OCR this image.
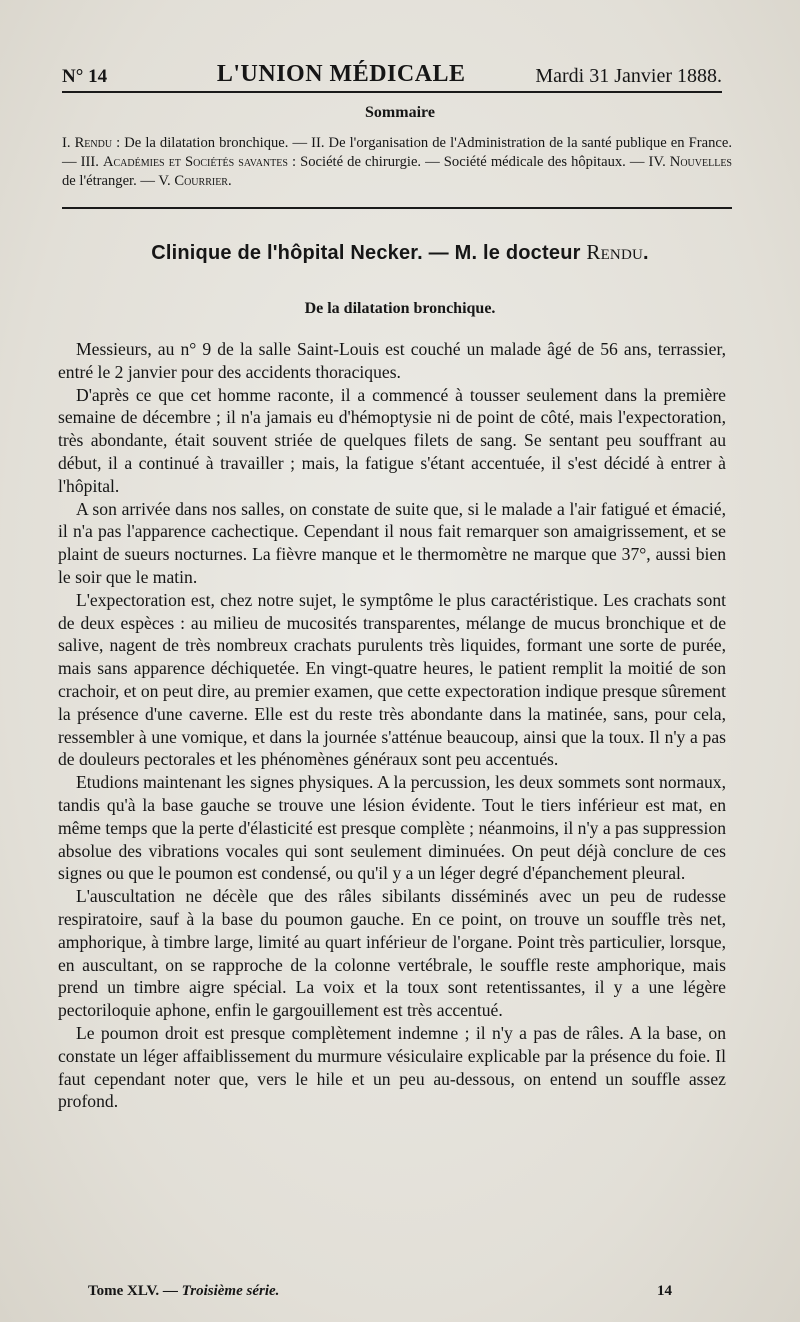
N° 14	L'UNION MÉDICALE	Mardi 31 Janvier 1888.
Sommaire
I. Rendu : De la dilatation bronchique. — II. De l'organisation de l'Administration de la santé publique en France. — III. Académies et Sociétés savantes : Société de chirurgie. — Société médicale des hôpitaux. — IV. Nouvelles de l'étranger. — V. Courrier.
Clinique de l'hôpital Necker. — M. le docteur Rendu.
De la dilatation bronchique.

Messieurs, au n° 9 de la salle Saint-Louis est couché un malade âgé de 56 ans, terrassier, entré le 2 janvier pour des accidents thoraciques.

D'après ce que cet homme raconte, il a commencé à tousser seulement dans la première semaine de décembre ; il n'a jamais eu d'hémoptysie ni de point de côté, mais l'expectoration, très abondante, était souvent striée de quelques filets de sang. Se sentant peu souffrant au début, il a continué à travailler ; mais, la fatigue s'étant accentuée, il s'est décidé à entrer à l'hôpital.

A son arrivée dans nos salles, on constate de suite que, si le malade a l'air fatigué et émacié, il n'a pas l'apparence cachectique. Cependant il nous fait remarquer son amaigrissement, et se plaint de sueurs nocturnes. La fièvre manque et le thermomètre ne marque que 37°, aussi bien le soir que le matin.

L'expectoration est, chez notre sujet, le symptôme le plus caractéristique. Les crachats sont de deux espèces : au milieu de mucosités transparentes, mélange de mucus bronchique et de salive, nagent de très nombreux crachats purulents très liquides, formant une sorte de purée, mais sans apparence déchiquetée. En vingt-quatre heures, le patient remplit la moitié de son crachoir, et on peut dire, au premier examen, que cette expectoration indique presque sûrement la présence d'une caverne. Elle est du reste très abondante dans la matinée, sans, pour cela, ressembler à une vomique, et dans la journée s'atténue beaucoup, ainsi que la toux. Il n'y a pas de douleurs pectorales et les phénomènes généraux sont peu accentués.

Etudions maintenant les signes physiques. A la percussion, les deux sommets sont normaux, tandis qu'à la base gauche se trouve une lésion évidente. Tout le tiers inférieur est mat, en même temps que la perte d'élasticité est presque complète ; néanmoins, il n'y a pas suppression absolue des vibrations vocales qui sont seulement diminuées. On peut déjà conclure de ces signes ou que le poumon est condensé, ou qu'il y a un léger degré d'épanchement pleural.

L'auscultation ne décèle que des râles sibilants disséminés avec un peu de rudesse respiratoire, sauf à la base du poumon gauche. En ce point, on trouve un souffle très net, amphorique, à timbre large, limité au quart inférieur de l'organe. Point très particulier, lorsque, en auscultant, on se rapproche de la colonne vertébrale, le souffle reste amphorique, mais prend un timbre aigre spécial. La voix et la toux sont retentissantes, il y a une légère pectoriloquie aphone, enfin le gargouillement est très accentué.

Le poumon droit est presque complètement indemne ; il n'y a pas de râles. A la base, on constate un léger affaiblissement du murmure vésiculaire explicable par la présence du foie. Il faut cependant noter que, vers le hile et un peu au-dessous, on entend un souffle assez profond.

Tome XLV. — Troisième série.	14
